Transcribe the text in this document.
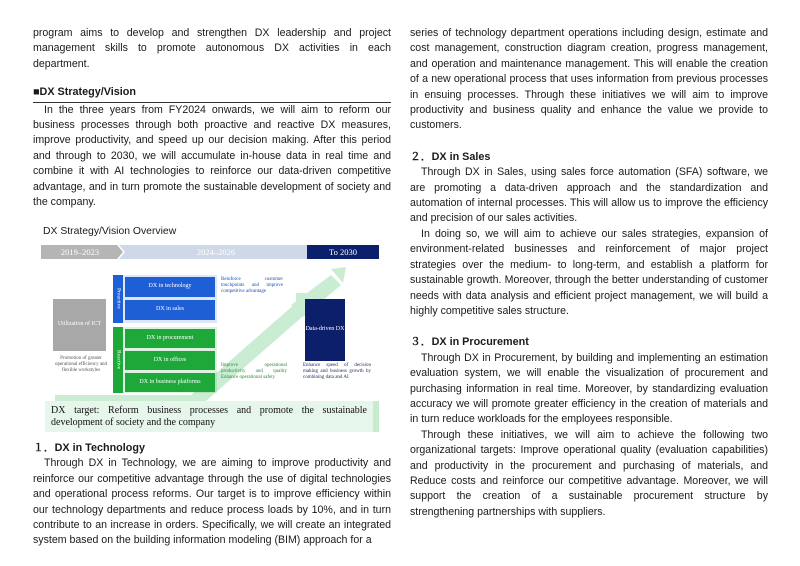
program aims to develop and strengthen DX leadership and project management skills to promote autonomous DX activities in each department.

■DX Strategy/Vision

In the three years from FY2024 onwards, we will aim to reform our business processes through both proactive and reactive DX measures, improve productivity, and speed up our decision making. After this period and through to 2030, we will accumulate in-house data in real time and combine it with AI technologies to reinforce our data-driven competitive advantage, and in turn promote the sustainable development of society and the company.

DX Strategy/Vision Overview
2019–2023	2024–2026	To 2030
Utilization of ICT
Promotion of greater operational efficiency and flexible workstyles
Proactive
DX in technology
DX in sales
Reactive
DX in procurement
DX in offices
DX in business platforms
Reinforce customer touchpoints and improve competitive advantage
Improve operational productivity and quality Enhance operational safety
Data-driven DX
Enhance speed of decision making and business growth by combining data and AI
DX target: Reform business processes and promote the sustainable development of society and the company
１．DX in Technology

Through DX in Technology, we are aiming to improve productivity and reinforce our competitive advantage through the use of digital technologies and operational process reforms. Our target is to improve efficiency within our technology departments and reduce process loads by 10%, and in turn contribute to an increase in orders. Specifically, we will create an integrated system based on the building information modeling (BIM) approach for a

series of technology department operations including design, estimate and cost management, construction diagram creation, progress management, and operation and maintenance management. This will enable the creation of a new operational process that uses information from previous processes in ensuing processes. Through these initiatives we will aim to improve productivity and business quality and enhance the value we provide to customers.

２．DX in Sales

Through DX in Sales, using sales force automation (SFA) software, we are promoting a data-driven approach and the standardization and automation of internal processes. This will allow us to improve the efficiency and precision of our sales activities.

In doing so, we will aim to achieve our sales strategies, expansion of environment-related businesses and reinforcement of major project strategies over the medium- to long-term, and establish a platform for sustainable growth. Moreover, through the better understanding of customer needs with data analysis and efficient project management, we will build a highly competitive sales structure.

３．DX in Procurement

Through DX in Procurement, by building and implementing an estimation evaluation system, we will enable the visualization of procurement and purchasing information in real time. Moreover, by standardizing evaluation accuracy we will promote greater efficiency in the creation of materials and in turn reduce workloads for the employees responsible.

Through these initiatives, we will aim to achieve the following two organizational targets: Improve operational quality (evaluation capabilities) and productivity in the procurement and purchasing of materials, and Reduce costs and reinforce our competitive advantage. Moreover, we will support the creation of a sustainable procurement structure by strengthening partnerships with suppliers.
